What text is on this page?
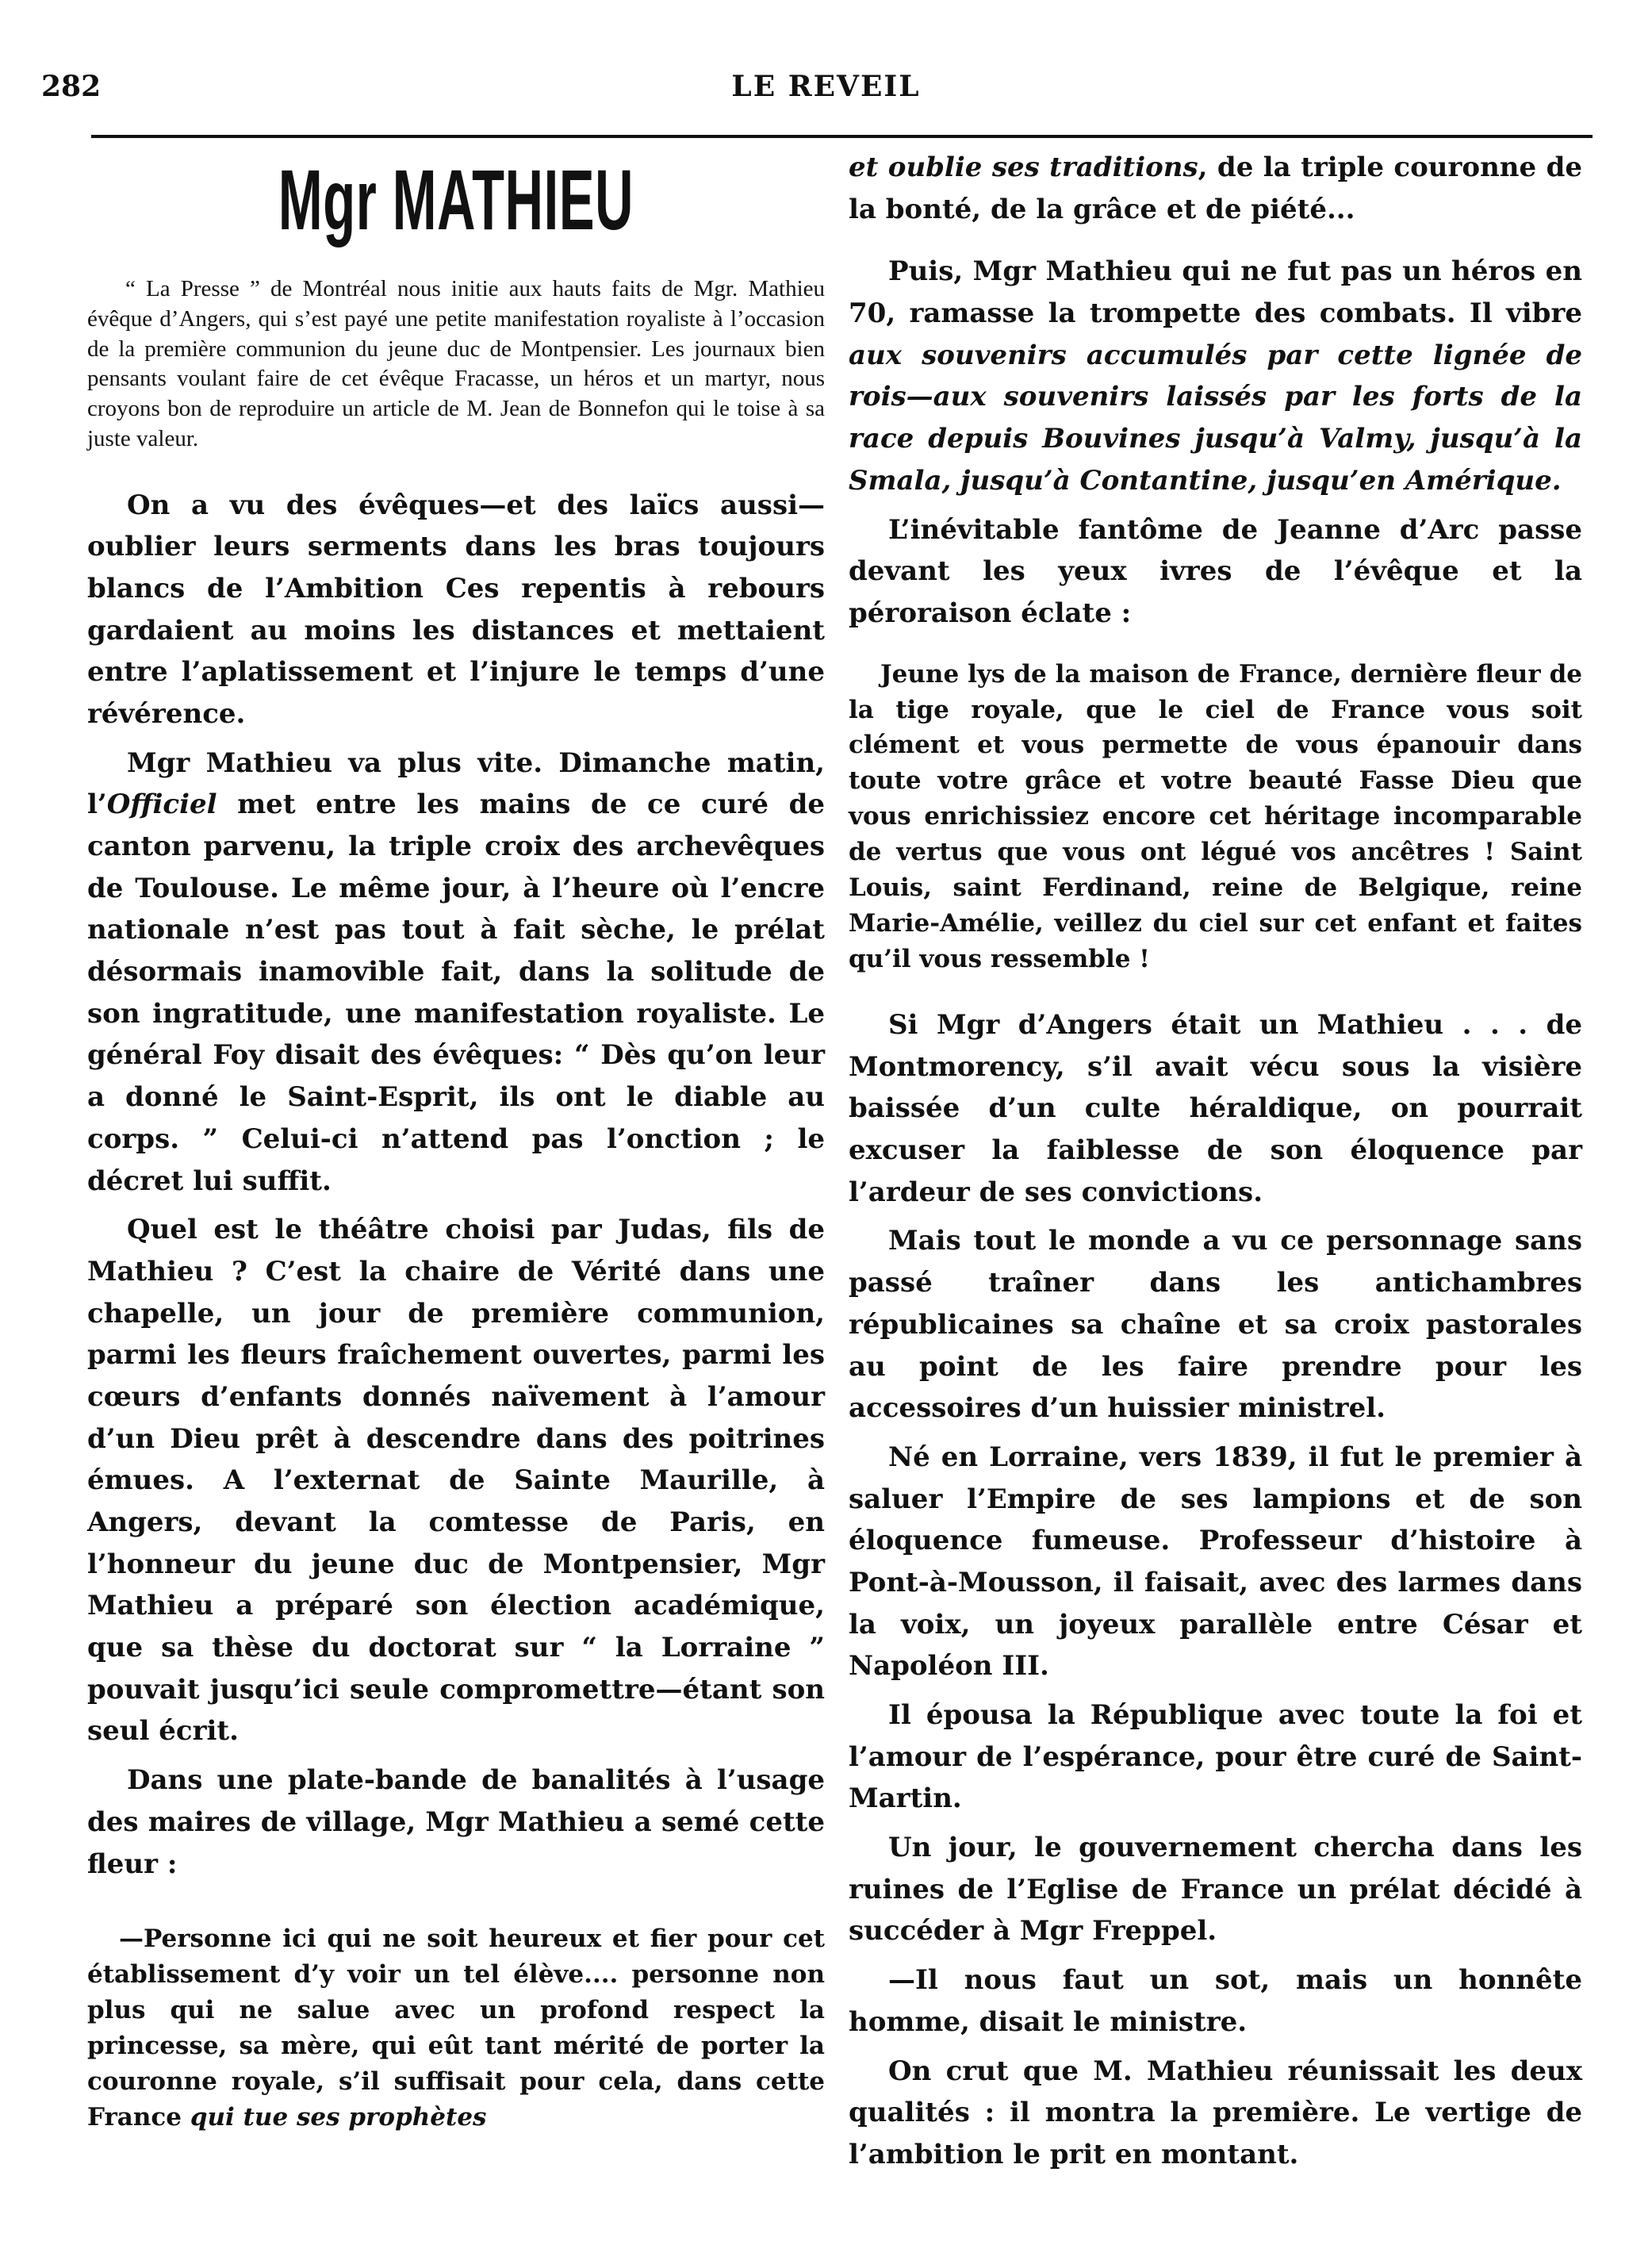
282	LE REVEIL
Mgr MATHIEU

“ La Presse ” de Montréal nous initie aux hauts faits de Mgr. Mathieu évêque d’Angers, qui s’est payé une petite manifestation royaliste à l’occasion de la première communion du jeune duc de Montpensier. Les journaux bien pensants voulant faire de cet évêque Fracasse, un héros et un martyr, nous croyons bon de reproduire un article de M. Jean de Bonnefon qui le toise à sa juste valeur.

On a vu des évêques—et des laïcs aussi— oublier leurs serments dans les bras toujours blancs de l’Ambition Ces repentis à rebours gardaient au moins les distances et mettaient entre l’aplatissement et l’injure le temps d’une révérence.

Mgr Mathieu va plus vite. Dimanche matin, l’Officiel met entre les mains de ce curé de canton parvenu, la triple croix des archevêques de Toulouse. Le même jour, à l’heure où l’encre nationale n’est pas tout à fait sèche, le prélat désormais inamovible fait, dans la solitude de son ingratitude, une manifestation royaliste. Le général Foy disait des évêques: “ Dès qu’on leur a donné le Saint-Esprit, ils ont le diable au corps. ” Celui-ci n’attend pas l’onction ; le décret lui suffit.

Quel est le théâtre choisi par Judas, fils de Mathieu ? C’est la chaire de Vérité dans une chapelle, un jour de première communion, parmi les fleurs fraîchement ouvertes, parmi les cœurs d’enfants donnés naïvement à l’amour d’un Dieu prêt à descendre dans des poitrines émues. A l’externat de Sainte Maurille, à Angers, devant la comtesse de Paris, en l’honneur du jeune duc de Montpensier, Mgr Mathieu a préparé son élection académique, que sa thèse du doctorat sur “ la Lorraine ” pouvait jusqu’ici seule compromettre—étant son seul écrit.

Dans une plate-bande de banalités à l’usage des maires de village, Mgr Mathieu a semé cette fleur :

—Personne ici qui ne soit heureux et fier pour cet établissement d’y voir un tel élève.... personne non plus qui ne salue avec un profond respect la princesse, sa mère, qui eût tant mérité de porter la couronne royale, s’il suffisait pour cela, dans cette France qui tue ses prophètes

et oublie ses traditions, de la triple couronne de la bonté, de la grâce et de piété...

Puis, Mgr Mathieu qui ne fut pas un héros en 70, ramasse la trompette des combats. Il vibre aux souvenirs accumulés par cette lignée de rois—aux souvenirs laissés par les forts de la race depuis Bouvines jusqu’à Valmy, jusqu’à la Smala, jusqu’à Contantine, jusqu’en Amérique.

L’inévitable fantôme de Jeanne d’Arc passe devant les yeux ivres de l’évêque et la péroraison éclate :

Jeune lys de la maison de France, dernière fleur de la tige royale, que le ciel de France vous soit clément et vous permette de vous épanouir dans toute votre grâce et votre beauté Fasse Dieu que vous enrichissiez encore cet héritage incomparable de vertus que vous ont légué vos ancêtres ! Saint Louis, saint Ferdinand, reine de Belgique, reine Marie-Amélie, veillez du ciel sur cet enfant et faites qu’il vous ressemble !

Si Mgr d’Angers était un Mathieu . . . de Montmorency, s’il avait vécu sous la visière baissée d’un culte héraldique, on pourrait excuser la faiblesse de son éloquence par l’ardeur de ses convictions.

Mais tout le monde a vu ce personnage sans passé traîner dans les antichambres républicaines sa chaîne et sa croix pastorales au point de les faire prendre pour les accessoires d’un huissier ministrel.

Né en Lorraine, vers 1839, il fut le premier à saluer l’Empire de ses lampions et de son éloquence fumeuse. Professeur d’histoire à Pont-à-Mousson, il faisait, avec des larmes dans la voix, un joyeux parallèle entre César et Napoléon III.

Il épousa la République avec toute la foi et l’amour de l’espérance, pour être curé de Saint-Martin.

Un jour, le gouvernement chercha dans les ruines de l’Eglise de France un prélat décidé à succéder à Mgr Freppel.

—Il nous faut un sot, mais un honnête homme, disait le ministre.

On crut que M. Mathieu réunissait les deux qualités : il montra la première. Le vertige de l’ambition le prit en montant.
